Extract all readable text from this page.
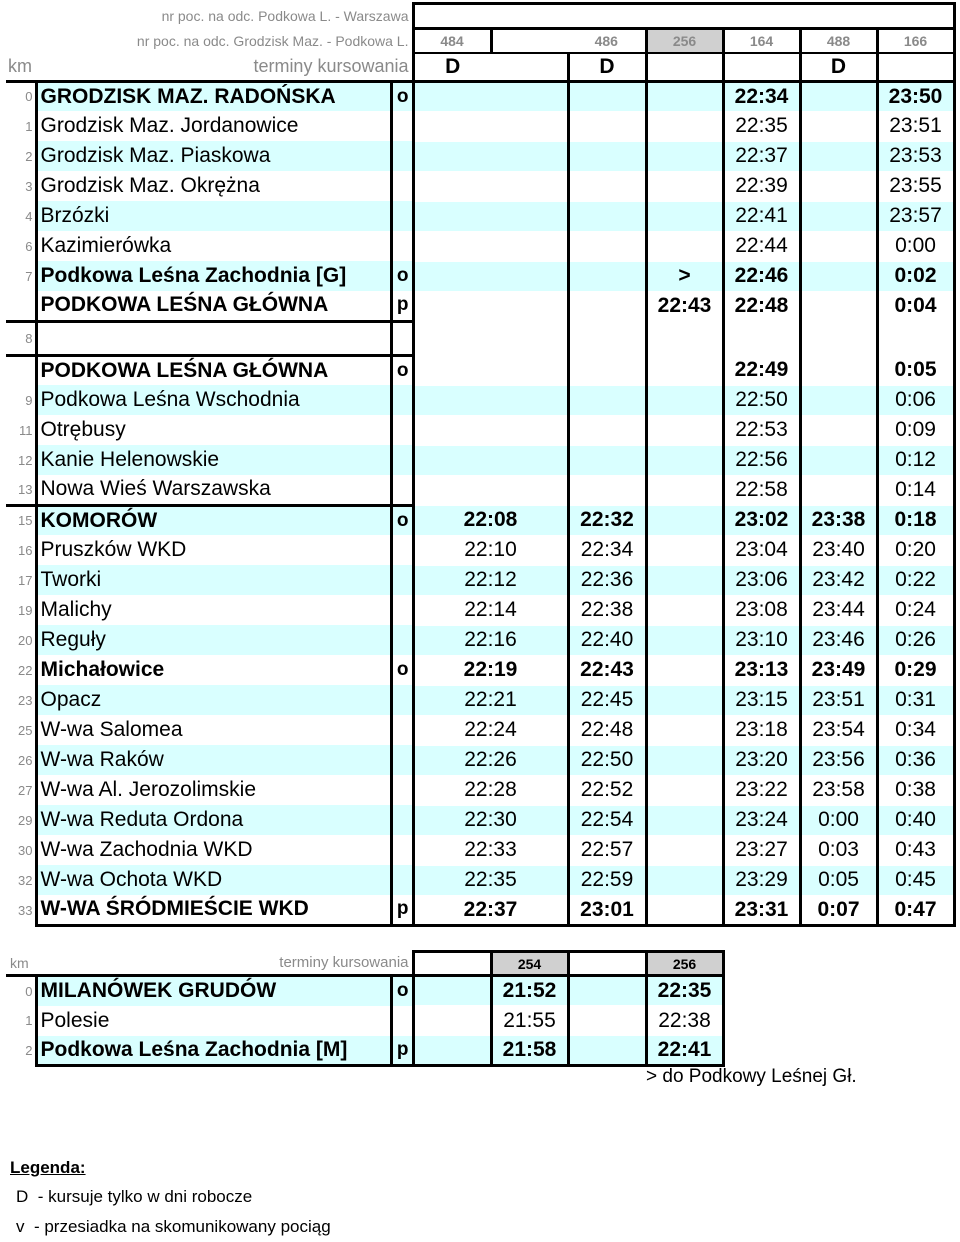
nr poc. na odc. Podkowa L. - Warszawa									
nr poc. na odc. Grodzisk Maz. - Podkowa L.			484		486	256	164	488	166
km	terminy kursowania		D		D			D	
0	GRODZISK MAZ. RADOŃSKA	o					22:34		23:50
1	Grodzisk Maz. Jordanowice						22:35		23:51
2	Grodzisk Maz. Piaskowa						22:37		23:53
3	Grodzisk Maz. Okrężna						22:39		23:55
4	Brzózki						22:41		23:57
6	Kazimierówka						22:44		0:00
7	Podkowa Leśna Zachodnia [G]	o				>	22:46		0:02
	PODKOWA LEŚNA GŁÓWNA	p				22:43	22:48		0:04
8									
	PODKOWA LEŚNA GŁÓWNA	o					22:49		0:05
9	Podkowa Leśna Wschodnia						22:50		0:06
11	Otrębusy						22:53		0:09
12	Kanie Helenowskie						22:56		0:12
13	Nowa Wieś Warszawska						22:58		0:14
15	KOMORÓW	o	22:08		22:32		23:02	23:38	0:18
16	Pruszków WKD		22:10		22:34		23:04	23:40	0:20
17	Tworki		22:12		22:36		23:06	23:42	0:22
19	Malichy		22:14		22:38		23:08	23:44	0:24
20	Reguły		22:16		22:40		23:10	23:46	0:26
22	Michałowice	o	22:19		22:43		23:13	23:49	0:29
23	Opacz		22:21		22:45		23:15	23:51	0:31
25	W-wa Salomea		22:24		22:48		23:18	23:54	0:34
26	W-wa Raków		22:26		22:50		23:20	23:56	0:36
27	W-wa Al. Jerozolimskie		22:28		22:52		23:22	23:58	0:38
29	W-wa Reduta Ordona		22:30		22:54		23:24	0:00	0:40
30	W-wa Zachodnia WKD		22:33		22:57		23:27	0:03	0:43
32	W-wa Ochota WKD		22:35		22:59		23:29	0:05	0:45
33	W-WA ŚRÓDMIEŚCIE WKD	p	22:37		23:01		23:31	0:07	0:47
km	terminy kursowania			254		256
0	MILANÓWEK GRUDÓW	o		21:52		22:35
1	Polesie			21:55		22:38
2	Podkowa Leśna Zachodnia [M]	p		21:58		22:41
> do Podkowy Leśnej Gł.
Legenda:
D - kursuje tylko w dni robocze
v - przesiadka na skomunikowany pociąg
